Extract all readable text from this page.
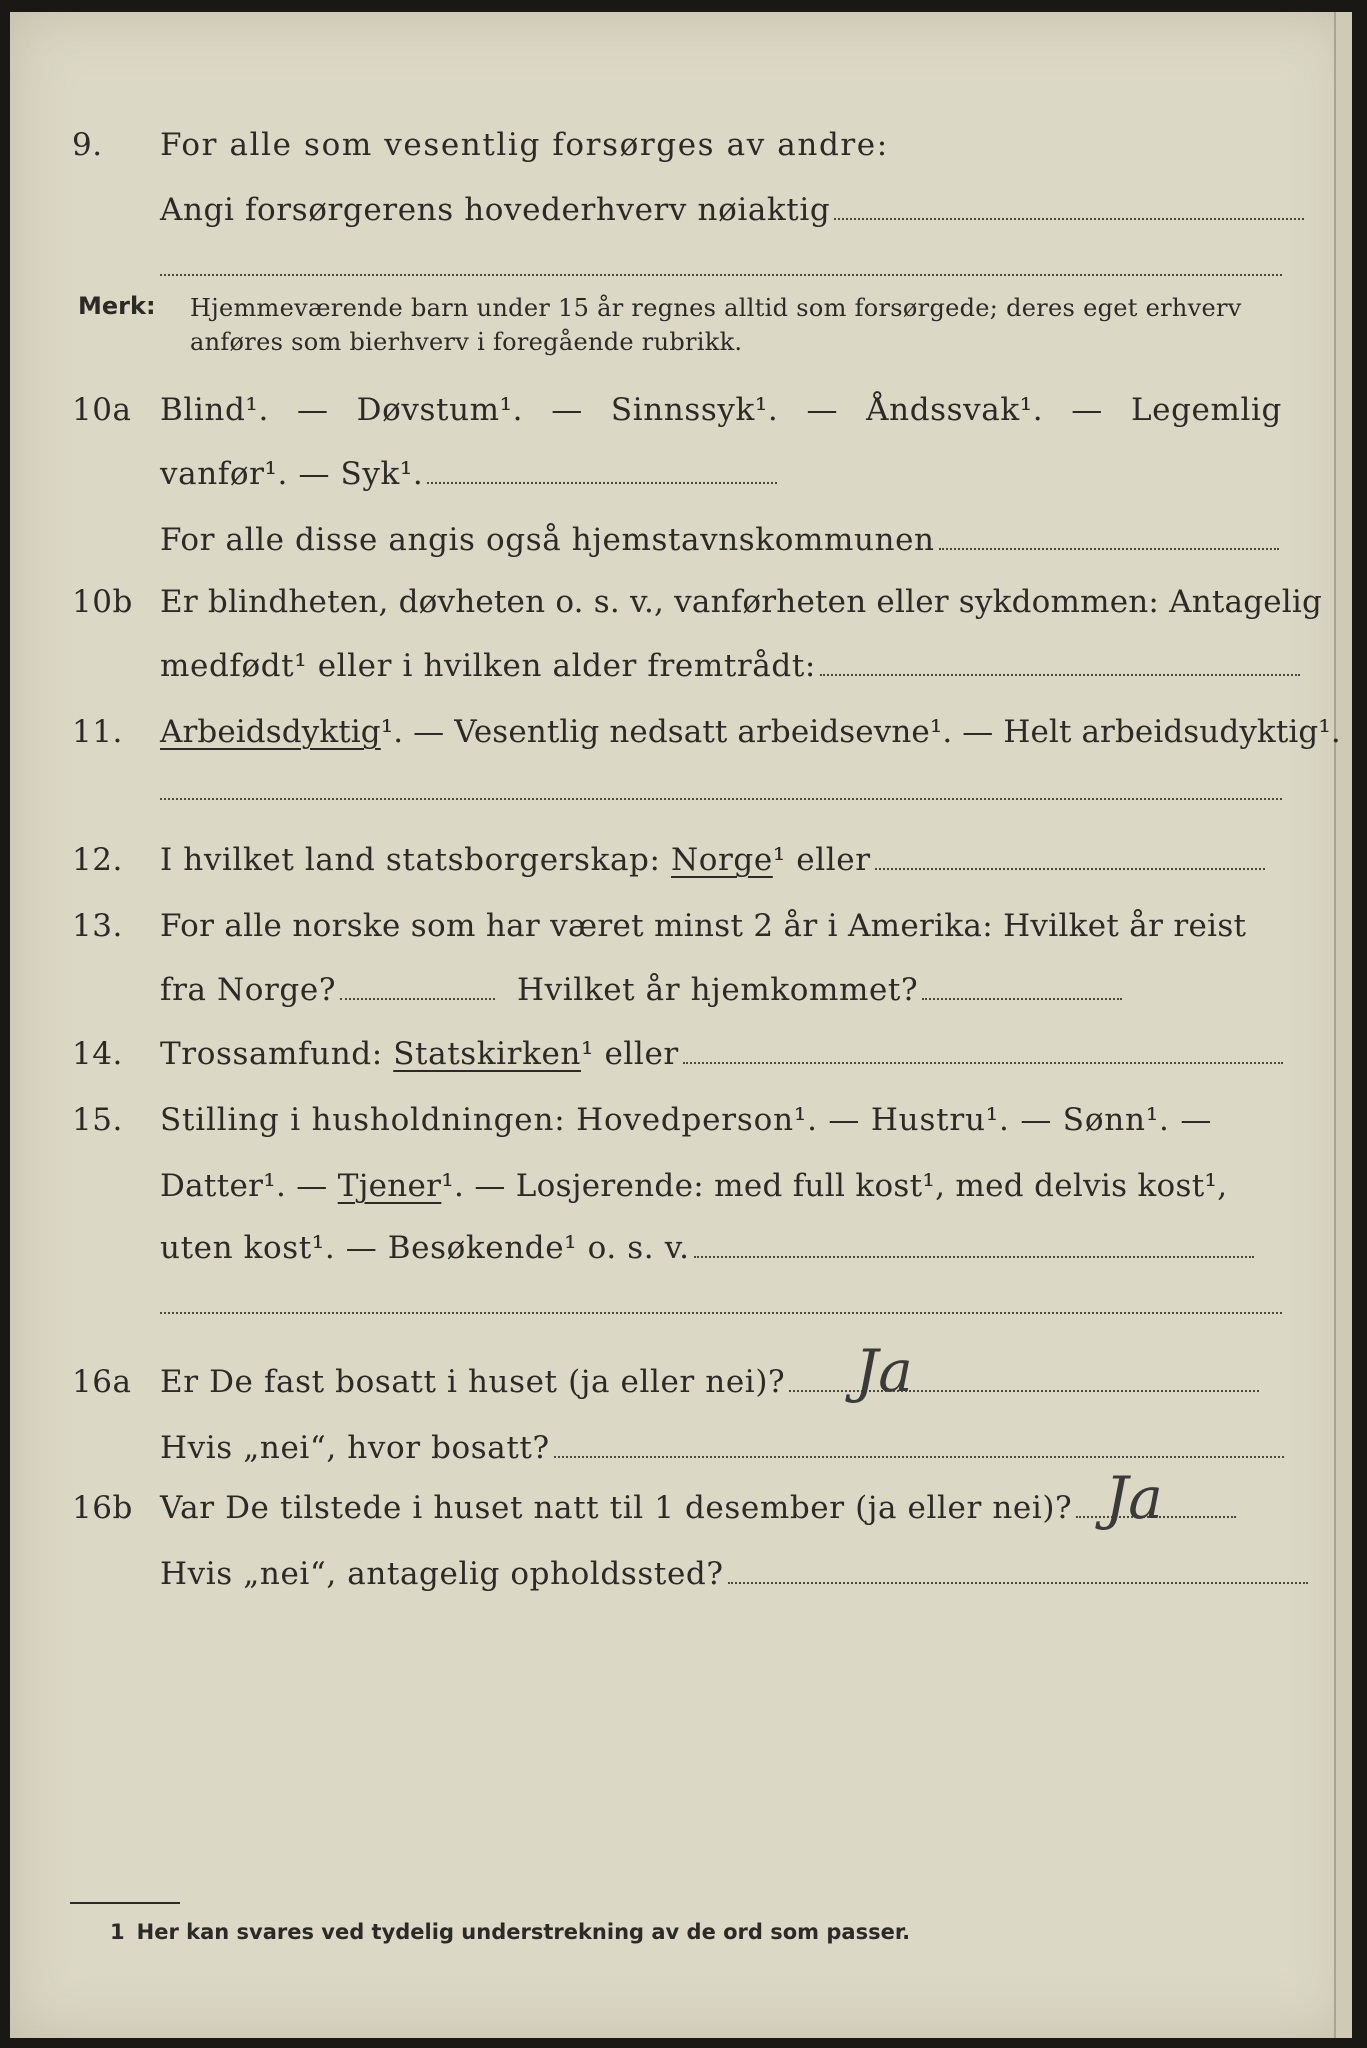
9. For alle som vesentlig forsørges av andre:
Angi forsørgerens hovederhverv nøiaktig
Merk: Hjemmeværende barn under 15 år regnes alltid som forsørgede; deres eget erhverv
anføres som bierhverv i foregående rubrikk.
10a Blind¹. — Døvstum¹. — Sinnssyk¹. — Åndssvak¹. — Legemlig
vanfør¹. — Syk¹.
For alle disse angis også hjemstavnskommunen
10b Er blindheten, døvheten o. s. v., vanførheten eller sykdommen: Antagelig
medfødt¹ eller i hvilken alder fremtrådt:
11. Arbeidsdyktig¹. — Vesentlig nedsatt arbeidsevne¹. — Helt arbeidsudyktig¹.
12. I hvilket land statsborgerskap: Norge¹ eller
13. For alle norske som har været minst 2 år i Amerika: Hvilket år reist
fra Norge?	Hvilket år hjemkommet?
14. Trossamfund: Statskirken¹ eller
15. Stilling i husholdningen: Hovedperson¹. — Hustru¹. — Sønn¹. —
Datter¹. — Tjener¹. — Losjerende: med full kost¹, med delvis kost¹,
uten kost¹. — Besøkende¹ o. s. v.
16a Er De fast bosatt i huset (ja eller nei)?	Ja
Hvis „nei“, hvor bosatt?
16b Var De tilstede i huset natt til 1 desember (ja eller nei)? Ja
Hvis „nei“, antagelig opholdssted?
1 Her kan svares ved tydelig understrekning av de ord som passer.
